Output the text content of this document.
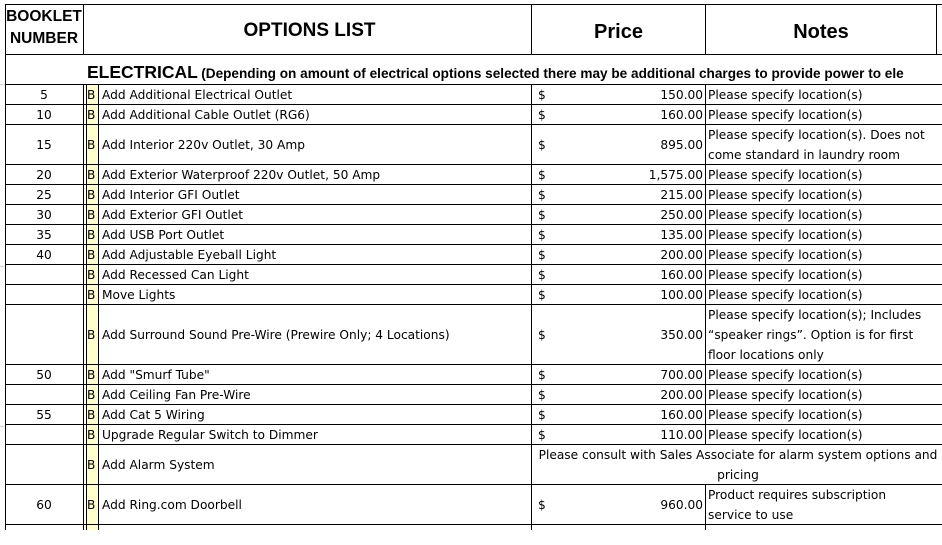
BOOKLET
NUMBER	OPTIONS LIST	Price	Notes
ELECTRICAL (Depending on amount of electrical options selected there may be additional charges to provide power to ele
5	B Add Additional Electrical Outlet	$	150.00 Please specify location(s)
10	B Add Additional Cable Outlet (RG6)	$	160.00 Please specify location(s)
15	B Add Interior 220v Outlet, 30 Amp	$	895.00
Please specify location(s). Does not
come standard in laundry room
20	B Add Exterior Waterproof 220v Outlet, 50 Amp	$	1,575.00 Please specify location(s)
25	B Add Interior GFI Outlet	$	215.00 Please specify location(s)
30	B Add Exterior GFI Outlet	$	250.00 Please specify location(s)
35	B Add USB Port Outlet	$	135.00 Please specify location(s)
40	B Add Adjustable Eyeball Light	$	200.00 Please specify location(s)
B Add Recessed Can Light	$	160.00 Please specify location(s)
B Move Lights	$	100.00 Please specify location(s)
B Add Surround Sound Pre-Wire (Prewire Only; 4 Locations)	$	350.00
Please specify location(s); Includes
“speaker rings”. Option is for first
floor locations only
50	B Add "Smurf Tube"	$	700.00 Please specify location(s)
B Add Ceiling Fan Pre-Wire	$	200.00 Please specify location(s)
55	B Add Cat 5 Wiring	$	160.00 Please specify location(s)
B Upgrade Regular Switch to Dimmer	$	110.00 Please specify location(s)
B Add Alarm System
Please consult with Sales Associate for alarm system options and
pricing
60	B Add Ring.com Doorbell	$	960.00
Product requires subscription
service to use
